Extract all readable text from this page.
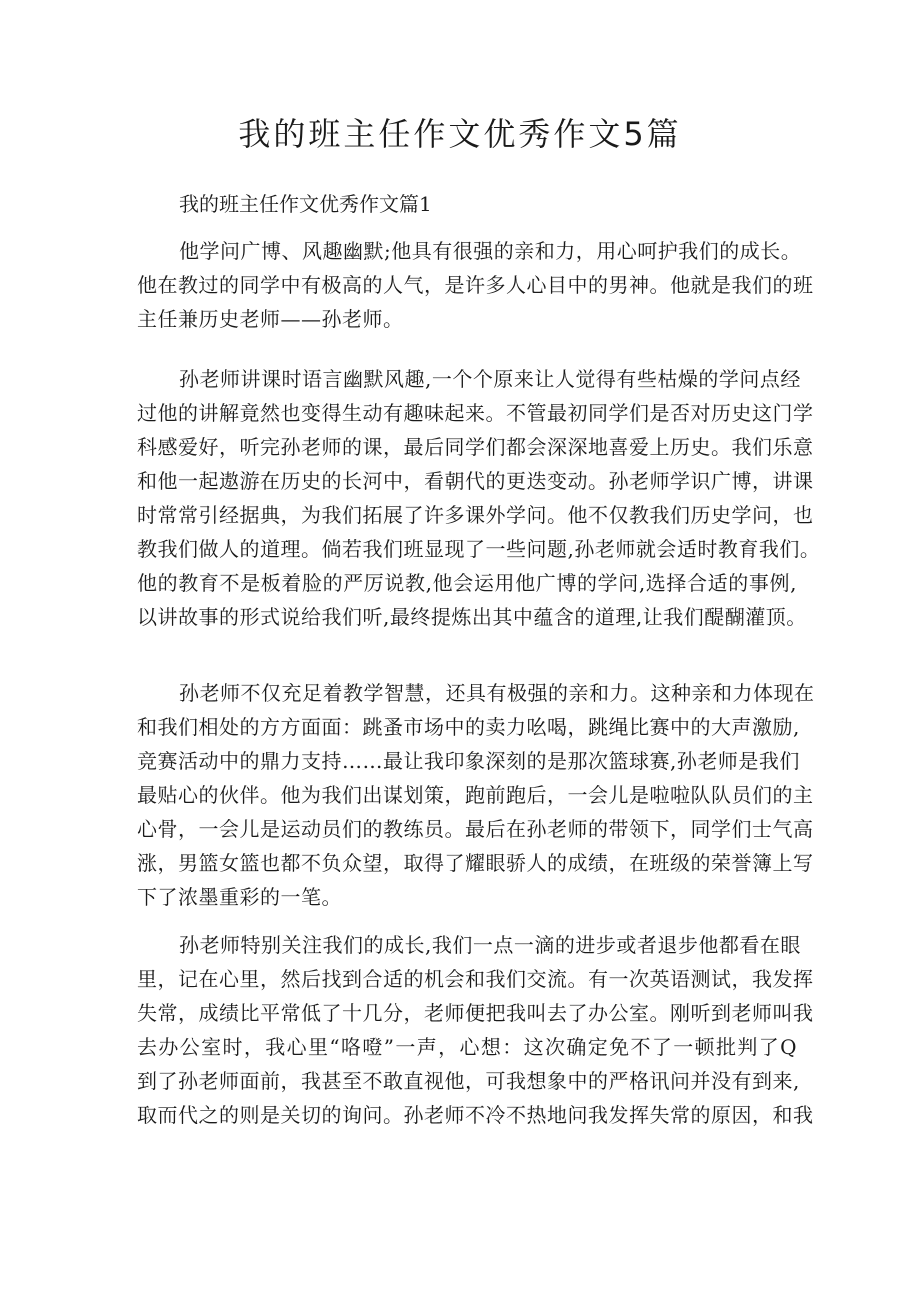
我的班主任作文优秀作文5篇

我的班主任作文优秀作文篇1

他学问广博、风趣幽默;他具有很强的亲和力，用心呵护我们的成长。
他在教过的同学中有极高的人气，是许多人心目中的男神。他就是我们的班
主任兼历史老师——孙老师。

孙老师讲课时语言幽默风趣,一个个原来让人觉得有些枯燥的学问点经
过他的讲解竟然也变得生动有趣味起来。不管最初同学们是否对历史这门学
科感爱好，听完孙老师的课，最后同学们都会深深地喜爱上历史。我们乐意
和他一起遨游在历史的长河中，看朝代的更迭变动。孙老师学识广博，讲课
时常常引经据典，为我们拓展了许多课外学问。他不仅教我们历史学问，也
教我们做人的道理。倘若我们班显现了一些问题,孙老师就会适时教育我们。
他的教育不是板着脸的严厉说教,他会运用他广博的学问,选择合适的事例,
以讲故事的形式说给我们听,最终提炼出其中蕴含的道理,让我们醍醐灌顶。

孙老师不仅充足着教学智慧，还具有极强的亲和力。这种亲和力体现在
和我们相处的方方面面：跳蚤市场中的卖力吆喝，跳绳比赛中的大声激励,
竞赛活动中的鼎力支持……最让我印象深刻的是那次篮球赛,孙老师是我们
最贴心的伙伴。他为我们出谋划策，跑前跑后，一会儿是啦啦队队员们的主
心骨，一会儿是运动员们的教练员。最后在孙老师的带领下，同学们士气高
涨，男篮女篮也都不负众望，取得了耀眼骄人的成绩，在班级的荣誉簿上写
下了浓墨重彩的一笔。

孙老师特别关注我们的成长,我们一点一滴的进步或者退步他都看在眼
里，记在心里，然后找到合适的机会和我们交流。有一次英语测试，我发挥
失常，成绩比平常低了十几分，老师便把我叫去了办公室。刚听到老师叫我
去办公室时，我心里“咯噔”一声，心想：这次确定免不了一顿批判了Q
到了孙老师面前，我甚至不敢直视他，可我想象中的严格讯问并没有到来,
取而代之的则是关切的询问。孙老师不冷不热地问我发挥失常的原因，和我
